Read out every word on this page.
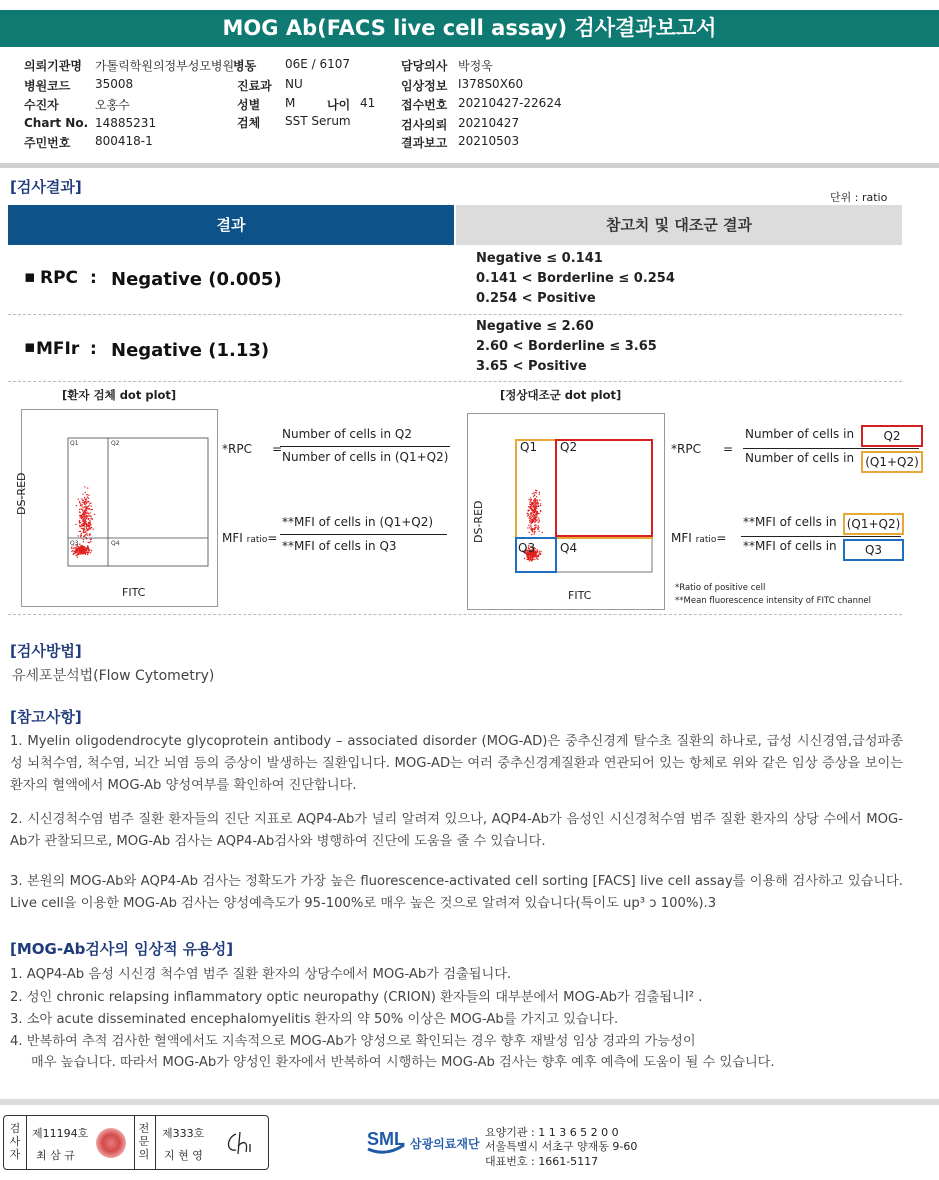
MOG Ab(FACS live cell assay) 검사결과보고서
의뢰기관명 가톨릭학원의정부성모병원
병동 06E / 6107	담당의사 박정욱
병원코드 35008	진료과 NU	임상정보 I378S0X60
수진자	오홍수	성별 M	나이 41 접수번호 20210427-22624
Chart No. 14885231	검체 SST Serum	검사의뢰 20210427
주민번호 800418-1	결과보고 20210503
[검사결과]
단위 : ratio
결과	참고치 및 대조군 결과
▪ RPC : Negative (0.005)
Negative ≤ 0.141
0.141 < Borderline ≤ 0.254
0.254 < Positive
▪ MFIr : Negative (1.13)
Negative ≤ 2.60
2.60 < Borderline ≤ 3.65
3.65 < Positive
[환자 검체 dot plot]	[정상대조군 dot plot]
Q1	Q2
Q3	Q4
DS-RED
FITC
*RPC =
Number of cells in Q2
Number of cells in (Q1+Q2)
MFI ratio=
**MFI of cells in (Q1+Q2)
**MFI of cells in Q3
Q1 Q2
Q3 Q4
DS-RED
FITC
*RPC =
Number of cells in	Q2
Number of cells in (Q1+Q2)
MFI ratio=
**MFI of cells in (Q1+Q2)
**MFI of cells in	Q3
*Ratio of positive cell
**Mean fluorescence intensity of FITC channel
[검사방법]
유세포분석법(Flow Cytometry)
[참고사항]
1. Myelin oligodendrocyte glycoprotein antibody – associated disorder (MOG-AD)은 중추신경계 탈수초 질환의 하나로, 급성 시신경염,급성파종성 뇌척수염, 척수염, 뇌간 뇌염 등의 증상이 발생하는 질환입니다. MOG-AD는 여러 중추신경계질환과 연관되어 있는 항체로 위와 같은 임상 증상을 보이는 환자의 혈액에서 MOG-Ab 양성여부를 확인하여 진단합니다.
2. 시신경척수염 범주 질환 환자들의 진단 지표로 AQP4-Ab가 널리 알려져 있으나, AQP4-Ab가 음성인 시신경척수염 범주 질환 환자의 상당 수에서 MOG-Ab가 관찰되므로, MOG-Ab 검사는 AQP4-Ab검사와 병행하여 진단에 도움을 줄 수 있습니다.
3. 본원의 MOG-Ab와 AQP4-Ab 검사는 정확도가 가장 높은 fluorescence-activated cell sorting [FACS] live cell assay를 이용해 검사하고 있습니다. Live cell을 이용한 MOG-Ab 검사는 양성예측도가 95-100%로 매우 높은 것으로 알려져 있습니다(특이도 up³ ɔ 100%).3
[MOG-Ab검사의 임상적 유용성]
1. AQP4-Ab 음성 시신경 척수염 범주 질환 환자의 상당수에서 MOG-Ab가 검출됩니다.
2. 성인 chronic relapsing inflammatory optic neuropathy (CRION) 환자들의 대부분에서 MOG-Ab가 검출됩니I² .
3. 소아 acute disseminated encephalomyelitis 환자의 약 50% 이상은 MOG-Ab를 가지고 있습니다.
4. 반복하여 추적 검사한 혈액에서도 지속적으로 MOG-Ab가 양성으로 확인되는 경우 향후 재발성 임상 경과의 가능성이
매우 높습니다. 따라서 MOG-Ab가 양성인 환자에서 반복하여 시행하는 MOG-Ab 검사는 향후 예후 예측에 도움이 될 수 있습니다.
검
사
자
제11194호
최 삼 규
전
문
의
제333호
지 현 영
SML 삼광의료재단
요양기관 : 1 1 3 6 5 2 0 0
서울특별시 서초구 양재동 9-60
대표번호 : 1661-5117
